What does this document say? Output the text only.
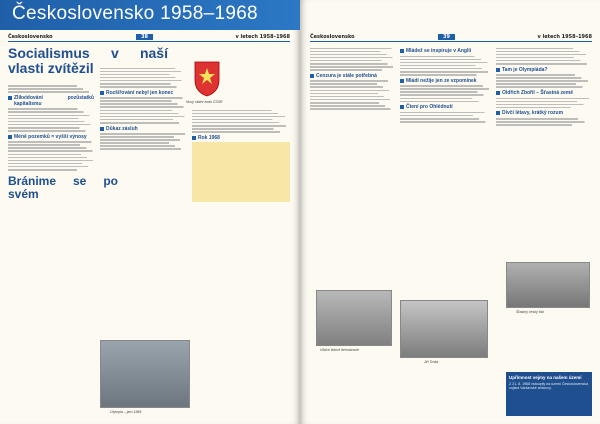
Československo 1958–1968
Československo	38	v letech 1958–1968
Socialismus v naší vlasti zvítězil

Zlikvidování pozůstatků kapitalismu

Méně pozemků = vyšší výnosy

Bránime se po svém

Rozšiřování nebyl jen konec

Důkaz zásluh

Nový státní znak ČSSR

Rok 1968
Olympia – jaro 1968
Československo	39	v letech 1958–1968

Cenzura je stále potřebná

Mládež se inspiruje v Anglii

Mládí nežije jen ze vzpomínek

Čtení pro Ohlédnutí

Tam je Olympiáda?

Oldřich Zbořil – Šťastná země

Dívčí létavy, krátký rozum

Vůdce lidové demokracie
Jiří Trnka
Šťastný český tisk
Upřímnost vejmy na našem území
Z 21. 8. 1968 vstoupily na území Československa vojska Varšavské smlouvy.
